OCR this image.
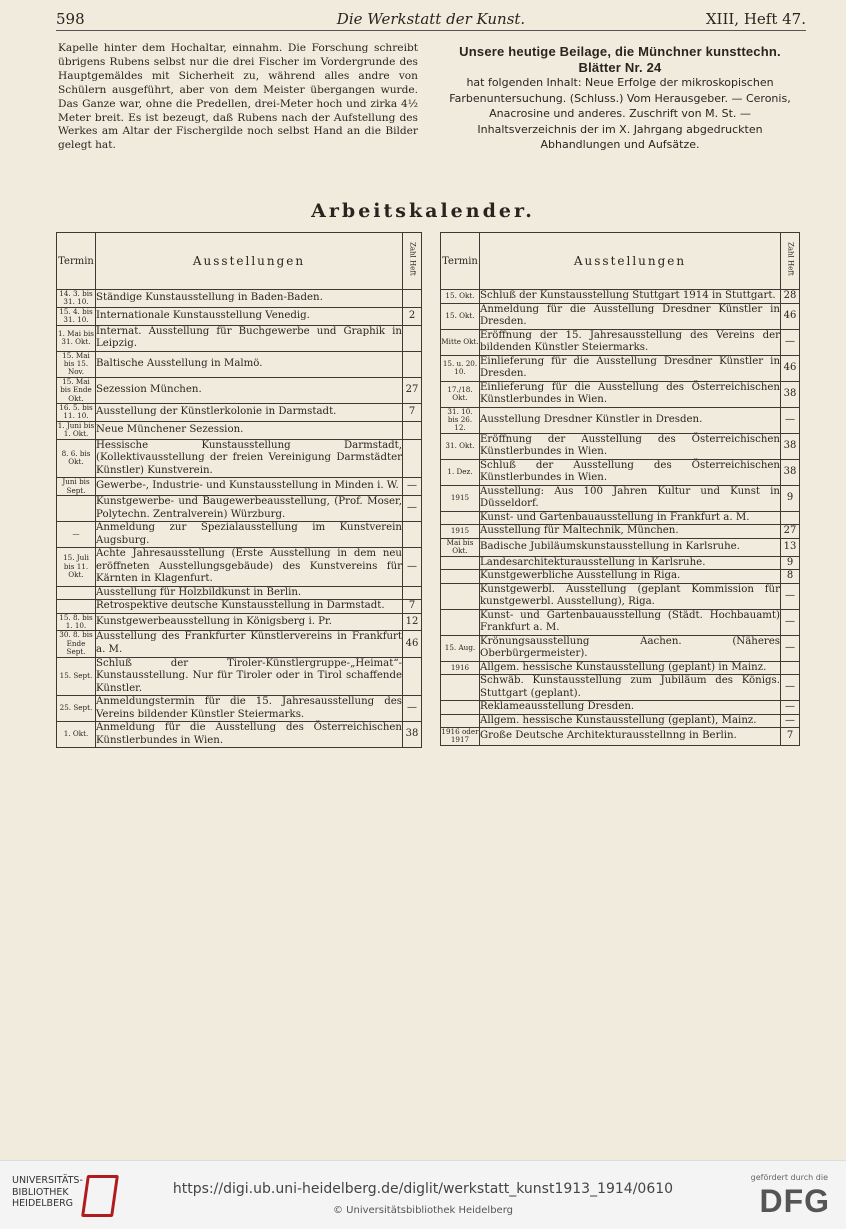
598	Die Werkstatt der Kunst.	XIII, Heft 47.
Kapelle hinter dem Hochaltar, einnahm. Die Forschung schreibt übrigens Rubens selbst nur die drei Fischer im Vordergrunde des Hauptgemäldes mit Sicherheit zu, während alles andre von Schülern ausgeführt, aber von dem Meister übergangen wurde. Das Ganze war, ohne die Predellen, drei-Meter hoch und zirka 4½ Meter breit. Es ist bezeugt, daß Rubens nach der Aufstellung des Werkes am Altar der Fischergilde noch selbst Hand an die Bilder gelegt hat.
Unsere heutige Beilage, die Münchner kunsttechn. Blätter Nr. 24
hat folgenden Inhalt: Neue Erfolge der mikroskopischen Farbenuntersuchung. (Schluss.) Vom Herausgeber. — Ceronis, Anacrosine und anderes. Zuschrift von M. St. — Inhaltsverzeichnis der im X. Jahrgang abgedruckten Abhandlungen und Aufsätze.
Arbeitskalender.
Termin	Ausstellungen	Zahl Heft
14. 3. bis 31. 10.	Ständige Kunstausstellung in Baden-Baden.	
15. 4. bis 31. 10.	Internationale Kunstausstellung Venedig.	2
1. Mai bis 31. Okt.	Internat. Ausstellung für Buchgewerbe und Graphik in Leipzig.	
15. Mai bis 15. Nov.	Baltische Ausstellung in Malmö.	
15. Mai bis Ende Okt.	Sezession München.	27
16. 5. bis 11. 10.	Ausstellung der Künstlerkolonie in Darmstadt.	7
1. Juni bis 1. Okt.	Neue Münchener Sezession.	
8. 6. bis Okt.	Hessische Kunstausstellung Darmstadt, (Kollektivausstellung der freien Vereinigung Darmstädter Künstler) Kunstverein.	
Juni bis Sept.	Gewerbe-, Industrie- und Kunstausstellung in Minden i. W.	—
	Kunstgewerbe- und Baugewerbeausstellung, (Prof. Moser, Polytechn. Zentralverein) Würzburg.	—
—	Anmeldung zur Spezialausstellung im Kunstverein Augsburg.	
15. Juli bis 11. Okt.	Achte Jahresausstellung (Erste Ausstellung in dem neu eröffneten Ausstellungsgebäude) des Kunstvereins für Kärnten in Klagenfurt.	—
	Ausstellung für Holzbildkunst in Berlin.	
	Retrospektive deutsche Kunstausstellung in Darmstadt.	7
15. 8. bis 1. 10.	Kunstgewerbeausstellung in Königsberg i. Pr.	12
30. 8. bis Ende Sept.	Ausstellung des Frankfurter Künstlervereins in Frankfurt a. M.	46
15. Sept.	Schluß der Tiroler-Künstlergruppe-„Heimat“-Kunstausstellung. Nur für Tiroler oder in Tirol schaffende Künstler.	
25. Sept.	Anmeldungstermin für die 15. Jahresausstellung des Vereins bildender Künstler Steiermarks.	—
1. Okt.	Anmeldung für die Ausstellung des Österreichischen Künstlerbundes in Wien.	38
Termin	Ausstellungen	Zahl Heft
15. Okt.	Schluß der Kunstausstellung Stuttgart 1914 in Stuttgart.	28
15. Okt.	Anmeldung für die Ausstellung Dresdner Künstler in Dresden.	46
Mitte Okt.	Eröffnung der 15. Jahresausstellung des Vereins der bildenden Künstler Steiermarks.	—
15. u. 20. 10.	Einlieferung für die Ausstellung Dresdner Künstler in Dresden.	46
17./18. Okt.	Einlieferung für die Ausstellung des Österreichischen Künstlerbundes in Wien.	38
31. 10. bis 26. 12.	Ausstellung Dresdner Künstler in Dresden.	—
31. Okt.	Eröffnung der Ausstellung des Österreichischen Künstlerbundes in Wien.	38
1. Dez.	Schluß der Ausstellung des Österreichischen Künstlerbundes in Wien.	38
1915	Ausstellung: Aus 100 Jahren Kultur und Kunst in Düsseldorf.	9
	Kunst- und Gartenbauausstellung in Frankfurt a. M.	
1915	Ausstellung für Maltechnik, München.	27
Mai bis Okt.	Badische Jubiläumskunstausstellung in Karlsruhe.	13
	Landesarchitekturausstellung in Karlsruhe.	9
	Kunstgewerbliche Ausstellung in Riga.	8
	Kunstgewerbl. Ausstellung (geplant Kommission für kunstgewerbl. Ausstellung), Riga.	—
	Kunst- und Gartenbauausstellung (Städt. Hochbauamt) Frankfurt a. M.	—
15. Aug.	Krönungsausstellung Aachen. (Näheres Oberbürgermeister).	—
1916	Allgem. hessische Kunstausstellung (geplant) in Mainz.	
	Schwäb. Kunstausstellung zum Jubiläum des Königs. Stuttgart (geplant).	—
	Reklameausstellung Dresden.	—
	Allgem. hessische Kunstausstellung (geplant), Mainz.	—
1916 oder 1917	Große Deutsche Architekturausstellnng in Berlin.	7
UNIVERSITÄTS-
BIBLIOTHEK
HEIDELBERG
https://digi.ub.uni-heidelberg.de/diglit/werkstatt_kunst1913_1914/0610
© Universitätsbibliothek Heidelberg
gefördert durch die
DFG
